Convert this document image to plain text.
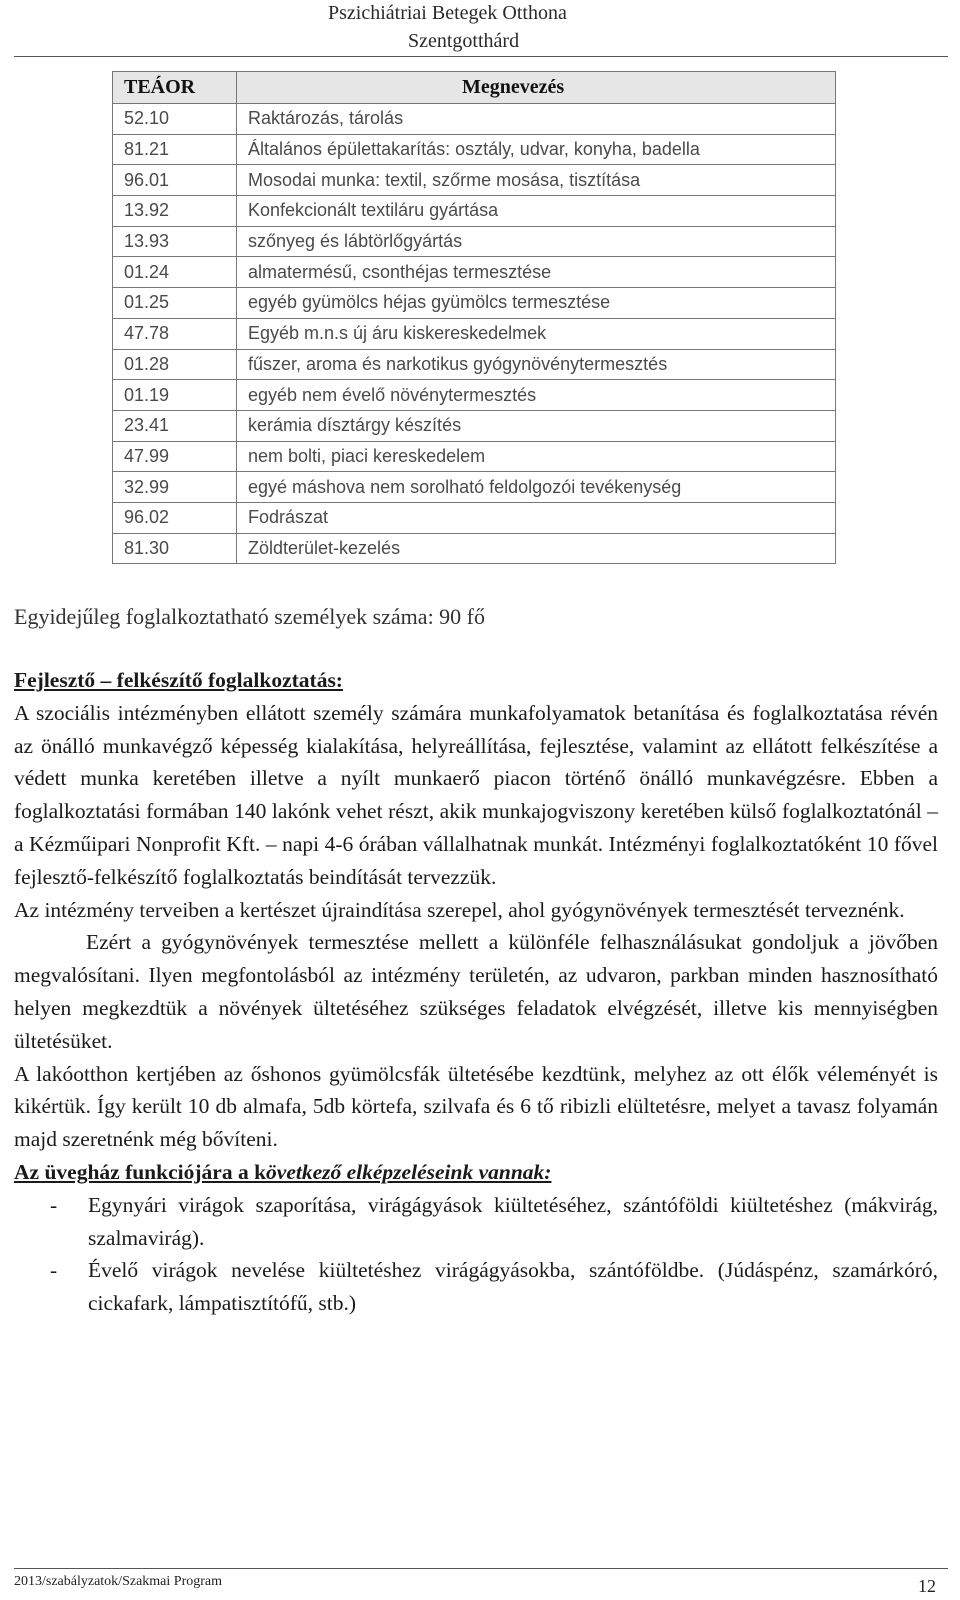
Pszichiátriai Betegek Otthona
Szentgotthárd
TEÁOR	Megnevezés
52.10	Raktározás, tárolás
81.21	Általános épülettakarítás: osztály, udvar, konyha, badella
96.01	Mosodai munka: textil, szőrme mosása, tisztítása
13.92	Konfekcionált textiláru gyártása
13.93	szőnyeg és lábtörlőgyártás
01.24	almatermésű, csonthéjas termesztése
01.25	egyéb gyümölcs héjas gyümölcs termesztése
47.78	Egyéb m.n.s új áru kiskereskedelmek
01.28	fűszer, aroma és narkotikus gyógynövénytermesztés
01.19	egyéb nem évelő növénytermesztés
23.41	kerámia dísztárgy készítés
47.99	nem bolti, piaci kereskedelem
32.99	egyé máshova nem sorolható feldolgozói tevékenység
96.02	Fodrászat
81.30	Zöldterület-kezelés
Egyidejűleg foglalkoztatható személyek száma: 90 fő

Fejlesztő – felkészítő foglalkoztatás:

A szociális intézményben ellátott személy számára munkafolyamatok betanítása és foglalkoztatása révén az önálló munkavégző képesség kialakítása, helyreállítása, fejlesztése, valamint az ellátott felkészítése a védett munka keretében illetve a nyílt munkaerő piacon történő önálló munkavégzésre. Ebben a foglalkoztatási formában 140 lakónk vehet részt, akik munkajogviszony keretében külső foglalkoztatónál – a Kézműipari Nonprofit Kft. – napi 4-6 órában vállalhatnak munkát. Intézményi foglalkoztatóként 10 fővel fejlesztő-felkészítő foglalkoztatás beindítását tervezzük.

Az intézmény terveiben a kertészet újraindítása szerepel, ahol gyógynövények termesztését terveznénk.

Ezért a gyógynövények termesztése mellett a különféle felhasználásukat gondoljuk a jövőben megvalósítani. Ilyen megfontolásból az intézmény területén, az udvaron, parkban minden hasznosítható helyen megkezdtük a növények ültetéséhez szükséges feladatok elvégzését, illetve kis mennyiségben ültetésüket.

A lakóotthon kertjében az őshonos gyümölcsfák ültetésébe kezdtünk, melyhez az ott élők véleményét is kikértük. Így került 10 db almafa, 5db körtefa, szilvafa és 6 tő ribizli elültetésre, melyet a tavasz folyamán majd szeretnénk még bővíteni.

Az üvegház funkciójára a következő elképzeléseink vannak:

- Egynyári virágok szaporítása, virágágyások kiültetéséhez, szántóföldi kiültetéshez (mákvirág, szalmavirág).
- Évelő virágok nevelése kiültetéshez virágágyásokba, szántóföldbe. (Júdáspénz, szamárkóró, cickafark, lámpatisztítófű, stb.)
2013/szabályzatok/Szakmai Program	12
